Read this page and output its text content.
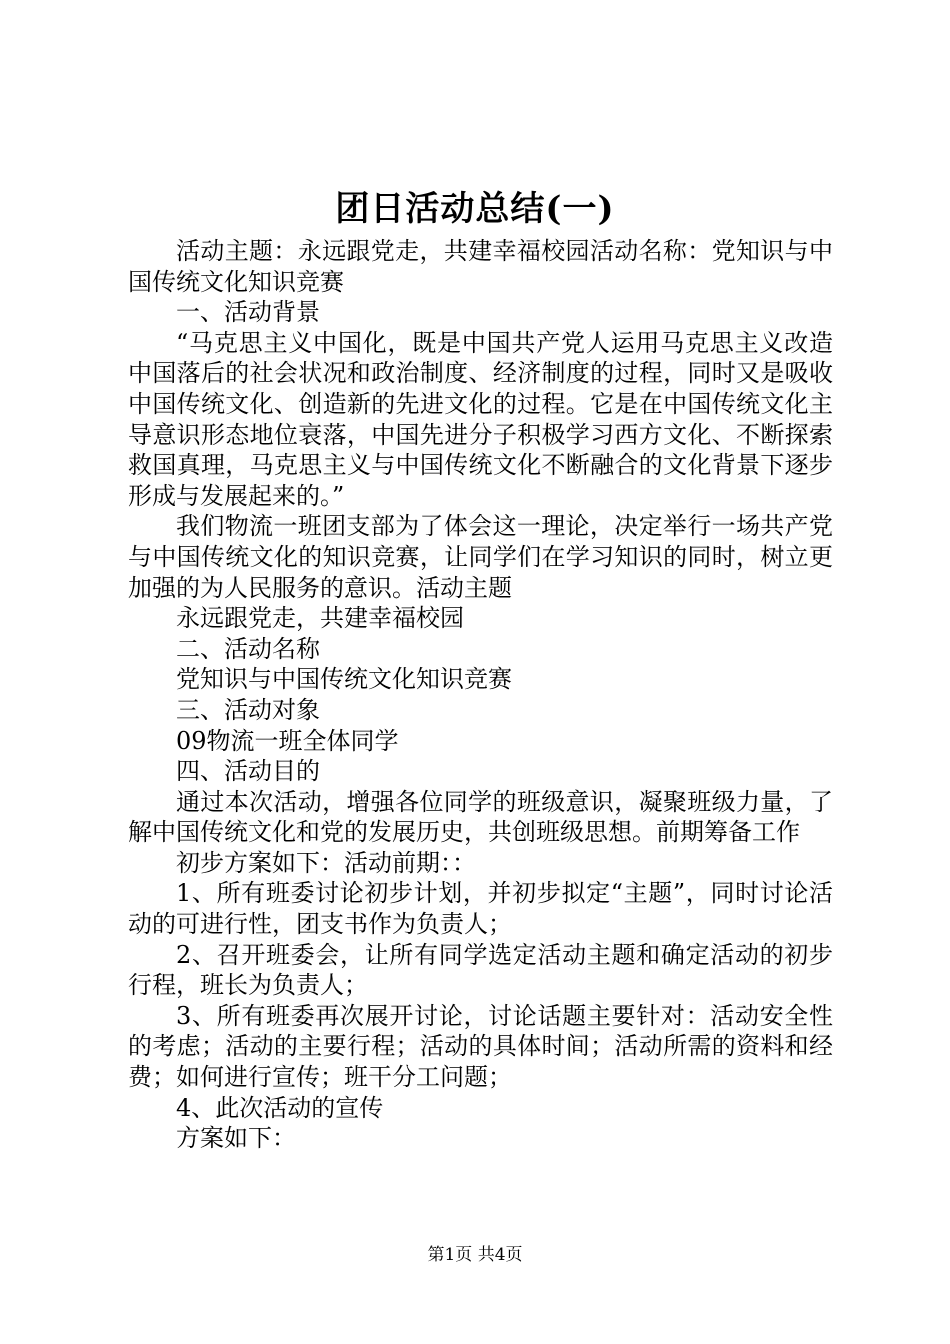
团日活动总结(一)

活动主题：永远跟党走，共建幸福校园活动名称：党知识与中国传统文化知识竞赛

一、活动背景

“马克思主义中国化，既是中国共产党人运用马克思主义改造中国落后的社会状况和政治制度、经济制度的过程，同时又是吸收中国传统文化、创造新的先进文化的过程。它是在中国传统文化主导意识形态地位衰落，中国先进分子积极学习西方文化、不断探索救国真理，马克思主义与中国传统文化不断融合的文化背景下逐步形成与发展起来的。”

我们物流一班团支部为了体会这一理论，决定举行一场共产党与中国传统文化的知识竞赛，让同学们在学习知识的同时，树立更加强的为人民服务的意识。活动主题

永远跟党走，共建幸福校园

二、活动名称

党知识与中国传统文化知识竞赛

三、活动对象

09物流一班全体同学

四、活动目的

通过本次活动，增强各位同学的班级意识，凝聚班级力量，了解中国传统文化和党的发展历史，共创班级思想。前期筹备工作

初步方案如下：活动前期：：

1、所有班委讨论初步计划，并初步拟定“主题”，同时讨论活动的可进行性，团支书作为负责人；

2、召开班委会，让所有同学选定活动主题和确定活动的初步行程，班长为负责人；

3、所有班委再次展开讨论，讨论话题主要针对：活动安全性的考虑；活动的主要行程；活动的具体时间；活动所需的资料和经费；如何进行宣传；班干分工问题；

4、此次活动的宣传

方案如下：

第1页 共4页
